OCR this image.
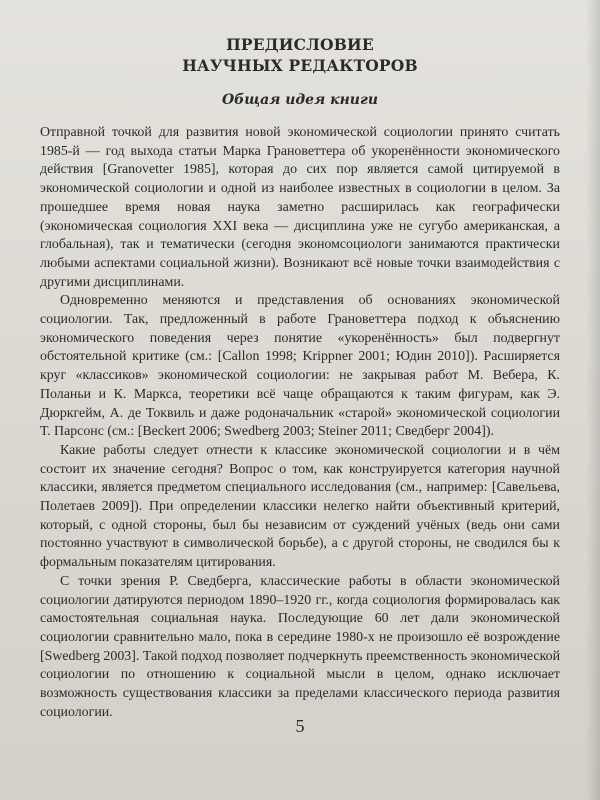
ПРЕДИСЛОВИЕ
НАУЧНЫХ РЕДАКТОРОВ
Общая идея книги

Отправной точкой для развития новой экономической социологии принято считать 1985-й — год выхода статьи Марка Грановеттера об укоренённости экономического действия [Granovetter 1985], которая до сих пор является самой цитируемой в экономической социологии и одной из наиболее известных в социологии в целом. За прошедшее время новая наука заметно расширилась как географически (экономическая социология XXI века — дисциплина уже не сугубо американская, а глобальная), так и тематически (сегодня экономсоциологи занимаются практически любыми аспектами социальной жизни). Возникают всё новые точки взаимодействия с другими дисциплинами.

Одновременно меняются и представления об основаниях экономической социологии. Так, предложенный в работе Грановеттера подход к объяснению экономического поведения через понятие «укоренённость» был подвергнут обстоятельной критике (см.: [Callon 1998; Krippner 2001; Юдин 2010]). Расширяется круг «классиков» экономической социологии: не закрывая работ М. Вебера, К. Поланьи и К. Маркса, теоретики всё чаще обращаются к таким фигурам, как Э. Дюркгейм, А. де Токвиль и даже родоначальник «старой» экономической социологии Т. Парсонс (см.: [Beckert 2006; Swedberg 2003; Steiner 2011; Сведберг 2004]).

Какие работы следует отнести к классике экономической социологии и в чём состоит их значение сегодня? Вопрос о том, как конструируется категория научной классики, является предметом специального исследования (см., например: [Савельева, Полетаев 2009]). При определении классики нелегко найти объективный критерий, который, с одной стороны, был бы независим от суждений учёных (ведь они сами постоянно участвуют в символической борьбе), а с другой стороны, не сводился бы к формальным показателям цитирования.

С точки зрения Р. Сведберга, классические работы в области экономической социологии датируются периодом 1890–1920 гг., когда социология формировалась как самостоятельная социальная наука. Последующие 60 лет дали экономической социологии сравнительно мало, пока в середине 1980-х не произошло её возрождение [Swedberg 2003]. Такой подход позволяет подчеркнуть преемственность экономической социологии по отношению к социальной мысли в целом, однако исключает возможность существования классики за пределами классического периода развития социологии.

5
